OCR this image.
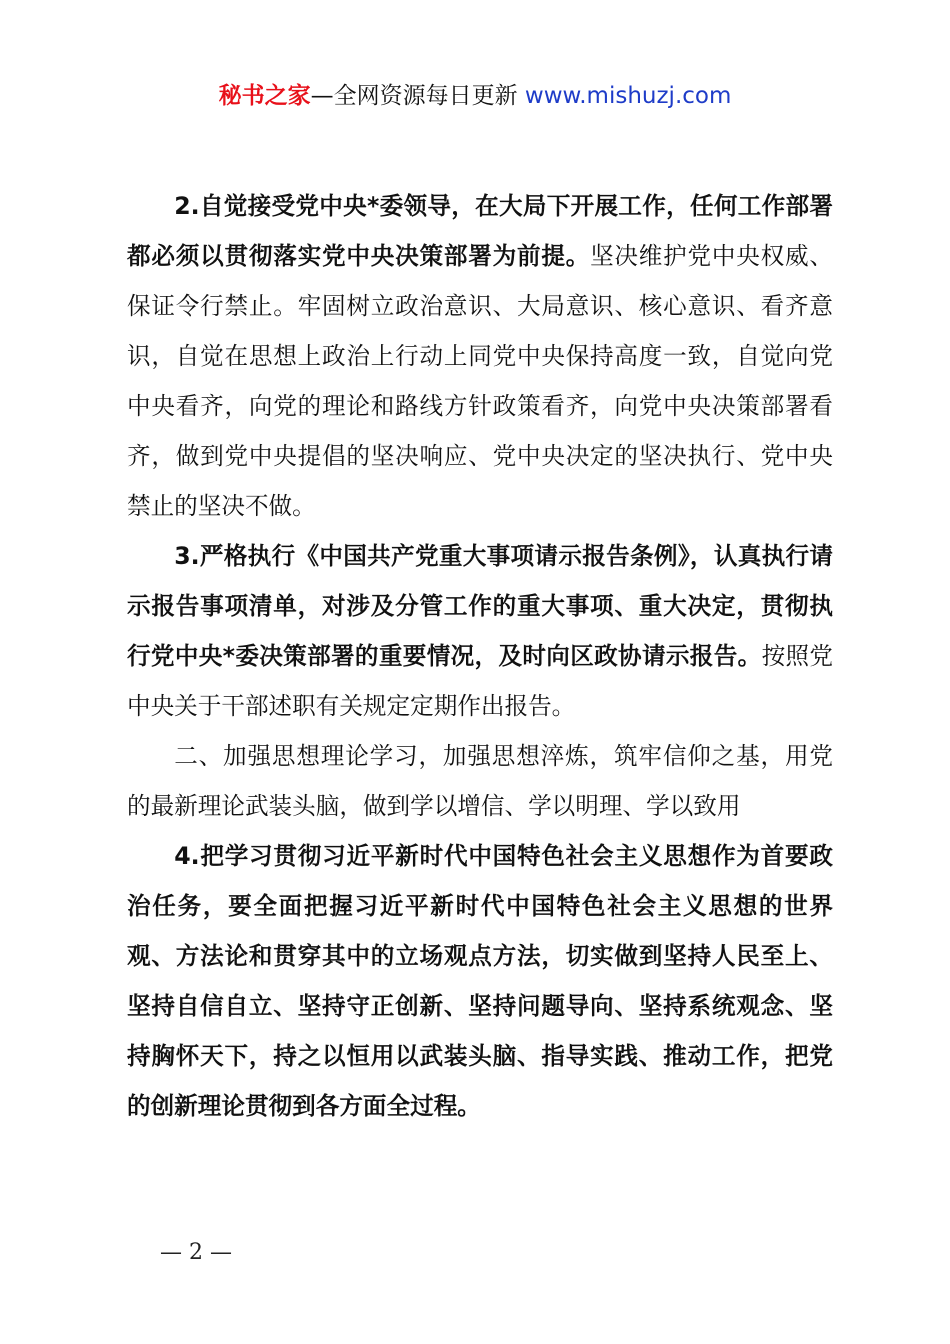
秘书之家—全网资源每日更新 www.mishuzj.com

2.自觉接受党中央*委领导，在大局下开展工作，任何工作部署都必须以贯彻落实党中央决策部署为前提。坚决维护党中央权威、保证令行禁止。牢固树立政治意识、大局意识、核心意识、看齐意识，自觉在思想上政治上行动上同党中央保持高度一致，自觉向党中央看齐，向党的理论和路线方针政策看齐，向党中央决策部署看齐，做到党中央提倡的坚决响应、党中央决定的坚决执行、党中央禁止的坚决不做。

3.严格执行《中国共产党重大事项请示报告条例》，认真执行请示报告事项清单，对涉及分管工作的重大事项、重大决定，贯彻执行党中央*委决策部署的重要情况，及时向区政协请示报告。按照党中央关于干部述职有关规定定期作出报告。

二、加强思想理论学习，加强思想淬炼，筑牢信仰之基，用党的最新理论武装头脑，做到学以增信、学以明理、学以致用

4.把学习贯彻习近平新时代中国特色社会主义思想作为首要政治任务，要全面把握习近平新时代中国特色社会主义思想的世界观、方法论和贯穿其中的立场观点方法，切实做到坚持人民至上、坚持自信自立、坚持守正创新、坚持问题导向、坚持系统观念、坚持胸怀天下，持之以恒用以武装头脑、指导实践、推动工作，把党的创新理论贯彻到各方面全过程。

— 2 —
